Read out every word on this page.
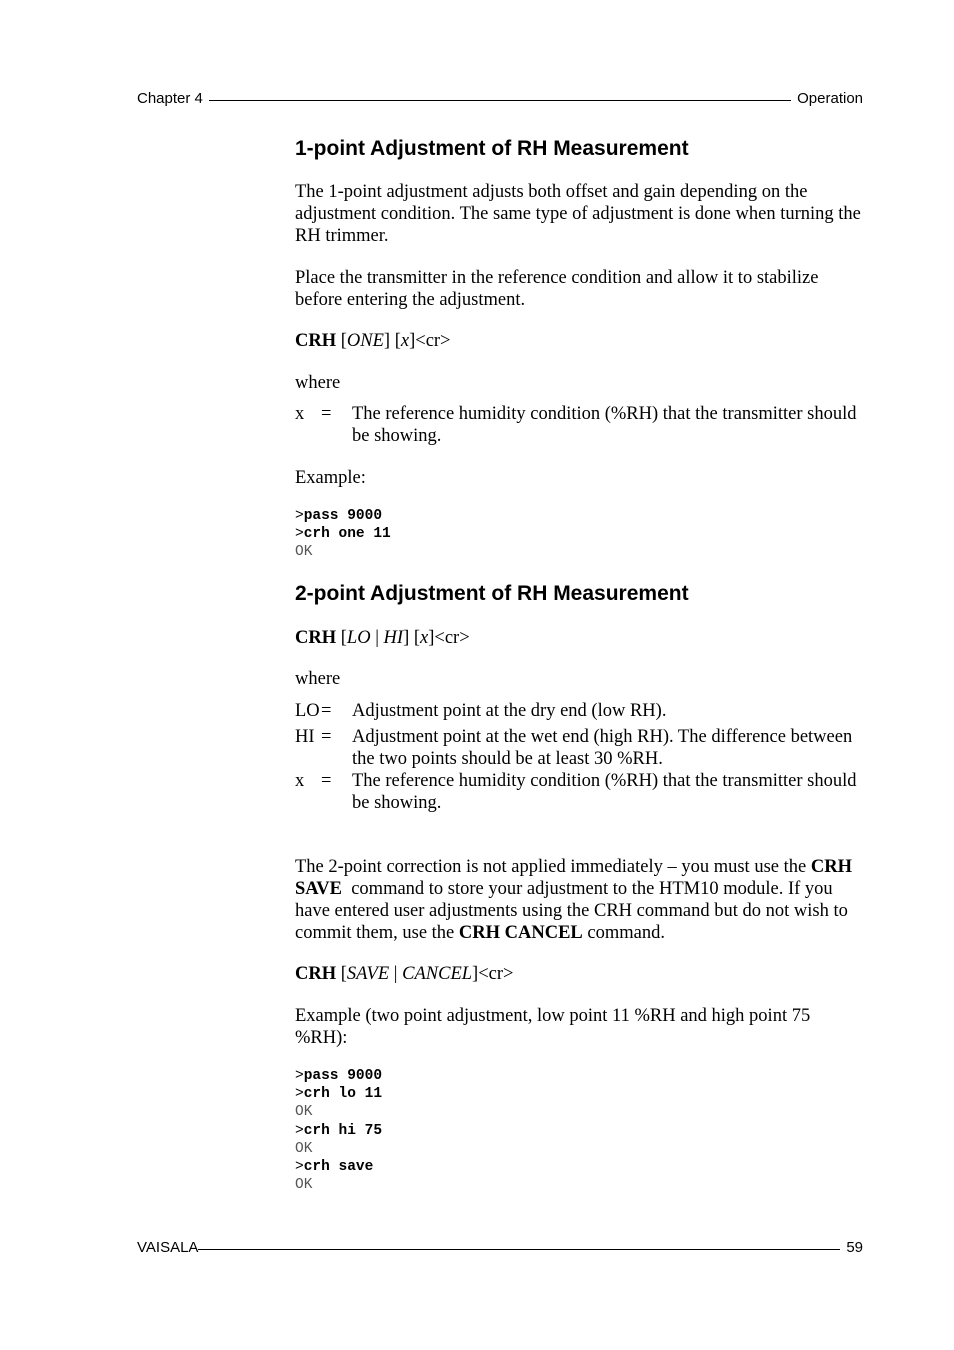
Chapter 4	Operation
1-point Adjustment of RH Measurement

The 1-point adjustment adjusts both offset and gain depending on the adjustment condition. The same type of adjustment is done when turning the RH trimmer.

Place the transmitter in the reference condition and allow it to stabilize before entering the adjustment.

CRH [ONE] [x]<cr>

where

x = The reference humidity condition (%RH) that the transmitter should be showing.

Example:

>pass 9000
>crh one 11
OK
2-point Adjustment of RH Measurement

CRH [LO | HI] [x]<cr>

where

LO = Adjustment point at the dry end (low RH).
HI = Adjustment point at the wet end (high RH). The difference between the two points should be at least 30 %RH.
x = The reference humidity condition (%RH) that the transmitter should be showing.

The 2-point correction is not applied immediately – you must use the CRH SAVE  command to store your adjustment to the HTM10 module. If you have entered user adjustments using the CRH command but do not wish to commit them, use the CRH CANCEL command.

CRH [SAVE | CANCEL]<cr>

Example (two point adjustment, low point 11 %RH and high point 75 %RH):

>pass 9000
>crh lo 11
OK
>crh hi 75
OK
>crh save
OK
VAISALA	59
